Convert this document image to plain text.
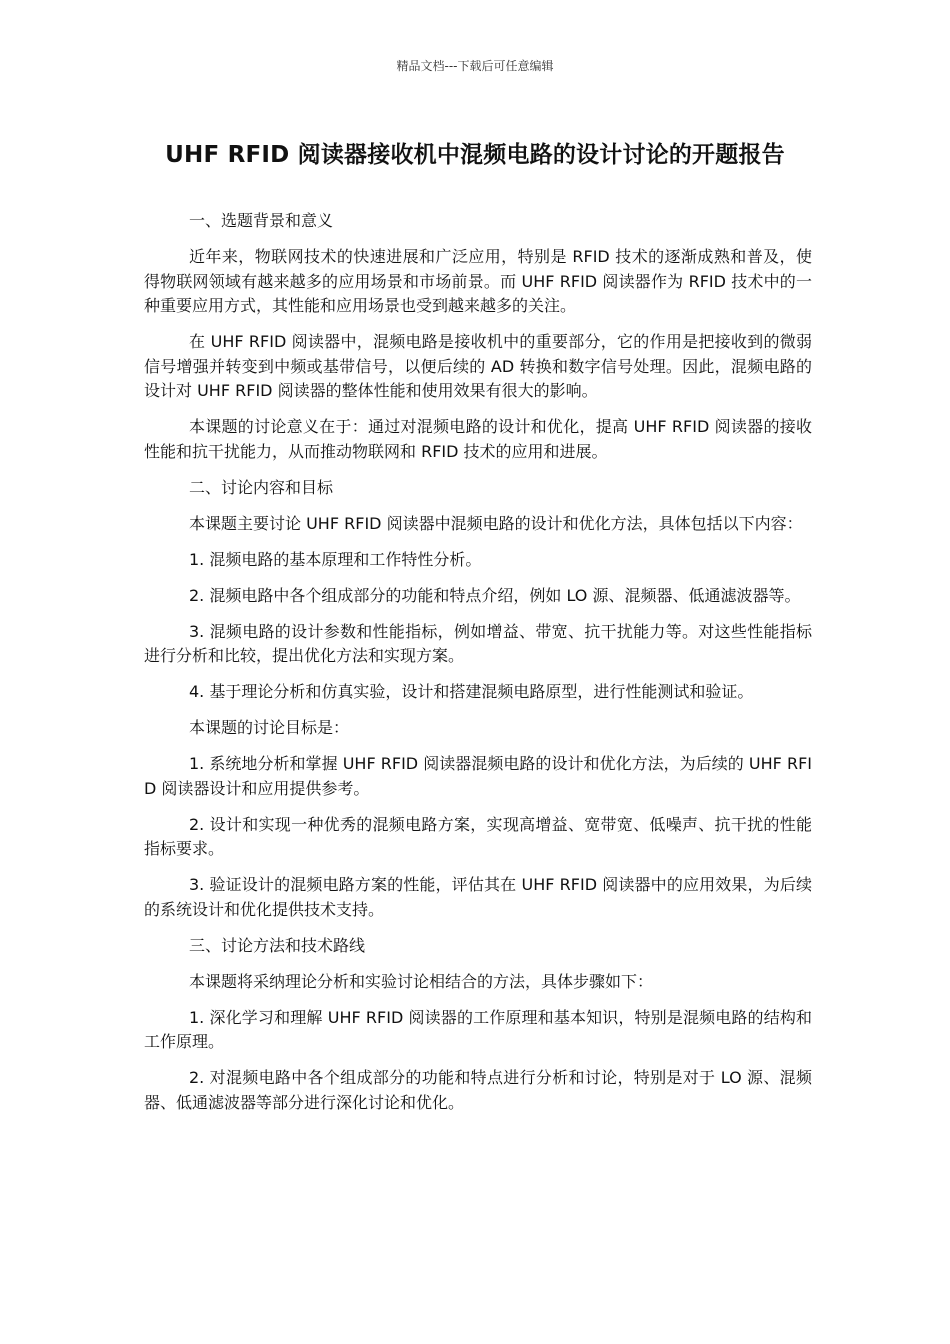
精品文档---下载后可任意编辑
UHF RFID 阅读器接收机中混频电路的设计讨论的开题报告

一、选题背景和意义

近年来，物联网技术的快速进展和广泛应用，特别是 RFID 技术的逐渐成熟和普及，使得物联网领域有越来越多的应用场景和市场前景。而 UHF RFID 阅读器作为 RFID 技术中的一种重要应用方式，其性能和应用场景也受到越来越多的关注。

在 UHF RFID 阅读器中，混频电路是接收机中的重要部分，它的作用是把接收到的微弱信号增强并转变到中频或基带信号，以便后续的 AD 转换和数字信号处理。因此，混频电路的设计对 UHF RFID 阅读器的整体性能和使用效果有很大的影响。

本课题的讨论意义在于：通过对混频电路的设计和优化，提高 UHF RFID 阅读器的接收性能和抗干扰能力，从而推动物联网和 RFID 技术的应用和进展。

二、讨论内容和目标

本课题主要讨论 UHF RFID 阅读器中混频电路的设计和优化方法，具体包括以下内容：

1. 混频电路的基本原理和工作特性分析。

2. 混频电路中各个组成部分的功能和特点介绍，例如 LO 源、混频器、低通滤波器等。

3. 混频电路的设计参数和性能指标，例如增益、带宽、抗干扰能力等。对这些性能指标进行分析和比较，提出优化方法和实现方案。

4. 基于理论分析和仿真实验，设计和搭建混频电路原型，进行性能测试和验证。

本课题的讨论目标是：

1. 系统地分析和掌握 UHF RFID 阅读器混频电路的设计和优化方法，为后续的 UHF RFID 阅读器设计和应用提供参考。

2. 设计和实现一种优秀的混频电路方案，实现高增益、宽带宽、低噪声、抗干扰的性能指标要求。

3. 验证设计的混频电路方案的性能，评估其在 UHF RFID 阅读器中的应用效果，为后续的系统设计和优化提供技术支持。

三、讨论方法和技术路线

本课题将采纳理论分析和实验讨论相结合的方法，具体步骤如下：

1. 深化学习和理解 UHF RFID 阅读器的工作原理和基本知识，特别是混频电路的结构和工作原理。

2. 对混频电路中各个组成部分的功能和特点进行分析和讨论，特别是对于 LO 源、混频器、低通滤波器等部分进行深化讨论和优化。
